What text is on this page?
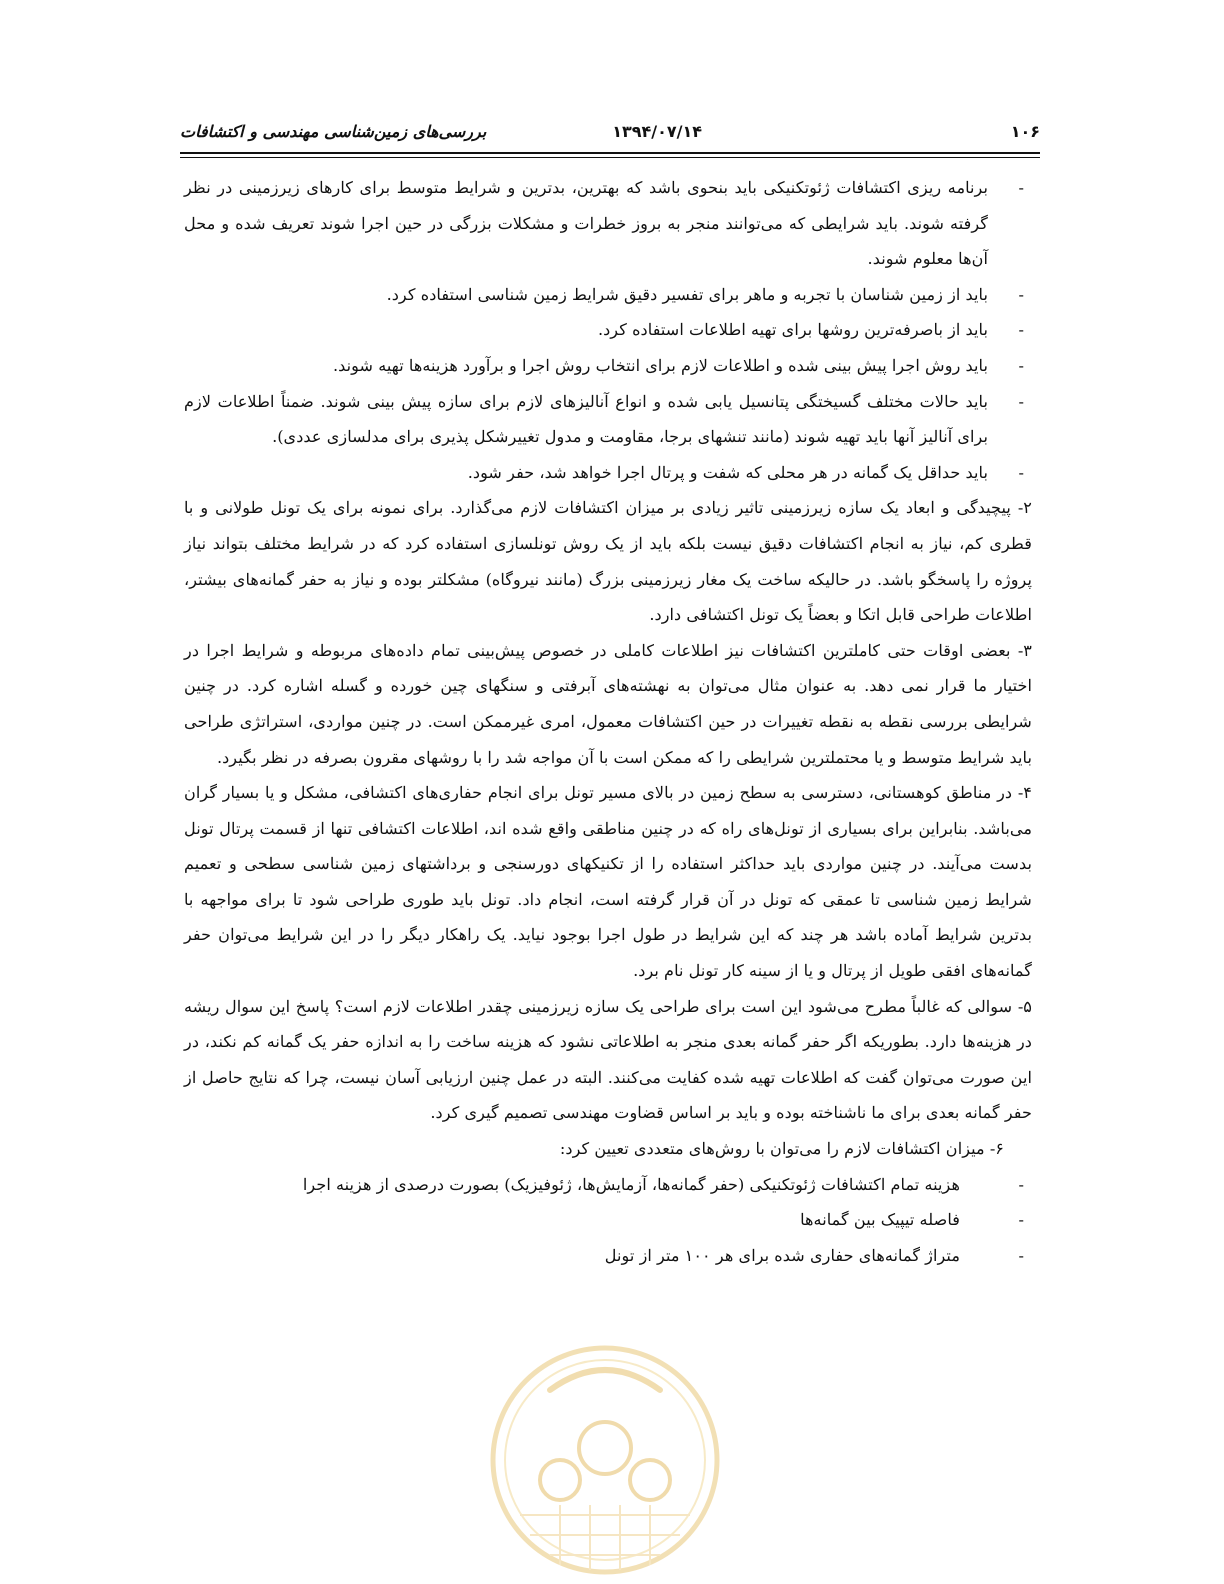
۱۰۶
۱۳۹۴/۰۷/۱۴
بررسی‌های زمین‌شناسی مهندسی و اکتشافات

- برنامه ریزی اکتشافات ژئوتکنیکی باید بنحوی باشد که بهترین، بدترین و شرایط متوسط برای کارهای زیرزمینی در نظر گرفته شوند. باید شرایطی که می‌توانند منجر به بروز خطرات و مشکلات بزرگی در حین اجرا شوند تعریف شده و محل آن‌ها معلوم شوند.

- باید از زمین شناسان با تجربه و ماهر برای تفسیر دقیق شرایط زمین شناسی استفاده کرد.

- باید از باصرفه‌ترین روشها برای تهیه اطلاعات استفاده کرد.

- باید روش اجرا پیش بینی شده و اطلاعات لازم برای انتخاب روش اجرا و برآورد هزینه‌ها تهیه شوند.

- باید حالات مختلف گسیختگی پتانسیل یابی شده و انواع آنالیزهای لازم برای سازه پیش بینی شوند. ضمناً اطلاعات لازم برای آنالیز آنها باید تهیه شوند (مانند تنشهای برجا، مقاومت و مدول تغییرشکل پذیری برای مدلسازی عددی).

- باید حداقل یک گمانه در هر محلی که شفت و پرتال اجرا خواهد شد، حفر شود.

۲- پیچیدگی و ابعاد یک سازه زیرزمینی تاثیر زیادی بر میزان اکتشافات لازم می‌گذارد. برای نمونه برای یک تونل طولانی و با قطری کم، نیاز به انجام اکتشافات دقیق نیست بلکه باید از یک روش تونلسازی استفاده کرد که در شرایط مختلف بتواند نیاز پروژه را پاسخگو باشد. در حالیکه ساخت یک مغار زیرزمینی بزرگ (مانند نیروگاه) مشکلتر بوده و نیاز به حفر گمانه‌های بیشتر، اطلاعات طراحی قابل اتکا و بعضاً یک تونل اکتشافی دارد.

۳- بعضی اوقات حتی کاملترین اکتشافات نیز اطلاعات کاملی در خصوص پیش‌بینی تمام داده‌های مربوطه و شرایط اجرا در اختیار ما قرار نمی دهد. به عنوان مثال می‌توان به نهشته‌های آبرفتی و سنگهای چین خورده و گسله اشاره کرد. در چنین شرایطی بررسی نقطه به نقطه تغییرات در حین اکتشافات معمول، امری غیرممکن است. در چنین مواردی، استراتژی طراحی باید شرایط متوسط و یا محتملترین شرایطی را که ممکن است با آن مواجه شد را با روشهای مقرون بصرفه در نظر بگیرد.

۴- در مناطق کوهستانی، دسترسی به سطح زمین در بالای مسیر تونل برای انجام حفاری‌های اکتشافی، مشکل و یا بسیار گران می‌باشد. بنابراین برای بسیاری از تونل‌های راه که در چنین مناطقی واقع شده اند، اطلاعات اکتشافی تنها از قسمت پرتال تونل بدست می‌آیند. در چنین مواردی باید حداکثر استفاده را از تکنیکهای دورسنجی و برداشتهای زمین شناسی سطحی و تعمیم شرایط زمین شناسی تا عمقی که تونل در آن قرار گرفته است، انجام داد. تونل باید طوری طراحی شود تا برای مواجهه با بدترین شرایط آماده باشد هر چند که این شرایط در طول اجرا بوجود نیاید. یک راهکار دیگر را در این شرایط می‌توان حفر گمانه‌های افقی طویل از پرتال و یا از سینه کار تونل نام برد.

۵- سوالی که غالباً مطرح می‌شود این است برای طراحی یک سازه زیرزمینی چقدر اطلاعات لازم است؟ پاسخ این سوال ریشه در هزینه‌ها دارد. بطوریکه اگر حفر گمانه بعدی منجر به اطلاعاتی نشود که هزینه ساخت را به اندازه حفر یک گمانه کم نکند، در این صورت می‌توان گفت که اطلاعات تهیه شده کفایت می‌کنند. البته در عمل چنین ارزیابی آسان نیست، چرا که نتایج حاصل از حفر گمانه بعدی برای ما ناشناخته بوده و باید بر اساس قضاوت مهندسی تصمیم گیری کرد.

۶- میزان اکتشافات لازم را می‌توان با روش‌های متعددی تعیین کرد:

- هزینه تمام اکتشافات ژئوتکنیکی (حفر گمانه‌ها، آزمایش‌ها، ژئوفیزیک) بصورت درصدی از هزینه اجرا

- فاصله تیپیک بین گمانه‌ها

- متراژ گمانه‌های حفاری شده برای هر ۱۰۰ متر از تونل
